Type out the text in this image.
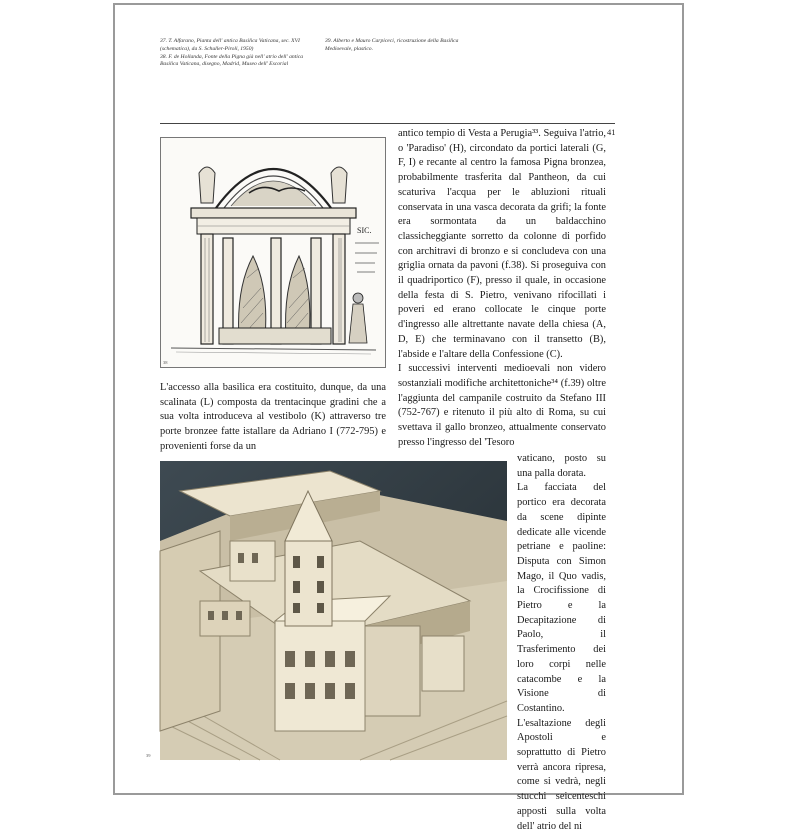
37. T. Alfarano, Pianta dell' antica Basilica Vaticana, sec. XVI (schematica), da S. Schuller-Piroli, 1950)
38. F. de Hollanda, Fonte della Pigna già nell' atrio dell' antica Basilica Vaticana, disegno, Madrid, Museo dell' Escorial
39. Alberto e Mauro Carpiceci, ricostruzione della Basilica Medioevale, plastico.
41
SIC.
38
antico tempio di Vesta a Perugia³³. Seguiva l'atrio, o 'Paradiso' (H), circondato da portici laterali (G, F, I) e recante al centro la famosa Pigna bronzea, probabilmente trasferita dal Pantheon, da cui scaturiva l'acqua per le abluzioni rituali conservata in una vasca decorata da grifi; la fonte era sormontata da un baldacchino classicheggiante sorretto da colonne di porfido con architravi di bronzo e si concludeva con una griglia ornata da pavoni (f.38). Si proseguiva con il quadriportico (F), presso il quale, in occasione della festa di S. Pietro, venivano rifocillati i poveri ed erano collocate le cinque porte d'ingresso alle altrettante navate della chiesa (A, D, E) che terminavano con il transetto (B), l'abside e l'altare della Confessione (C).
I successivi interventi medioevali non videro sostanziali modifiche architettoniche³⁴ (f.39) oltre l'aggiunta del campanile costruito da Stefano III (752-767) e ritenuto il più alto di Roma, su cui svettava il gallo bronzeo, attualmente conservato presso l'ingresso del 'Tesoro
L'accesso alla basilica era costituito, dunque, da una scalinata (L) composta da trentacinque gradini che a sua volta introduceva al vestibolo (K) attraverso tre porte bronzee fatte istallare da Adriano I (772-795) e provenienti forse da un
39
vaticano, posto su una palla dorata.
La facciata del portico era decorata da scene dipinte dedicate alle vicende petriane e paoline: Disputa con Simon Mago, il Quo vadis, la Crocifissione di Pietro e la Decapitazione di Paolo, il Trasferimento dei loro corpi nelle catacombe e la Visione di Costantino.
L'esaltazione degli Apostoli e soprattutto di Pietro verrà ancora ripresa, come si vedrà, negli stucchi seicenteschi apposti sulla volta dell' atrio del ni
